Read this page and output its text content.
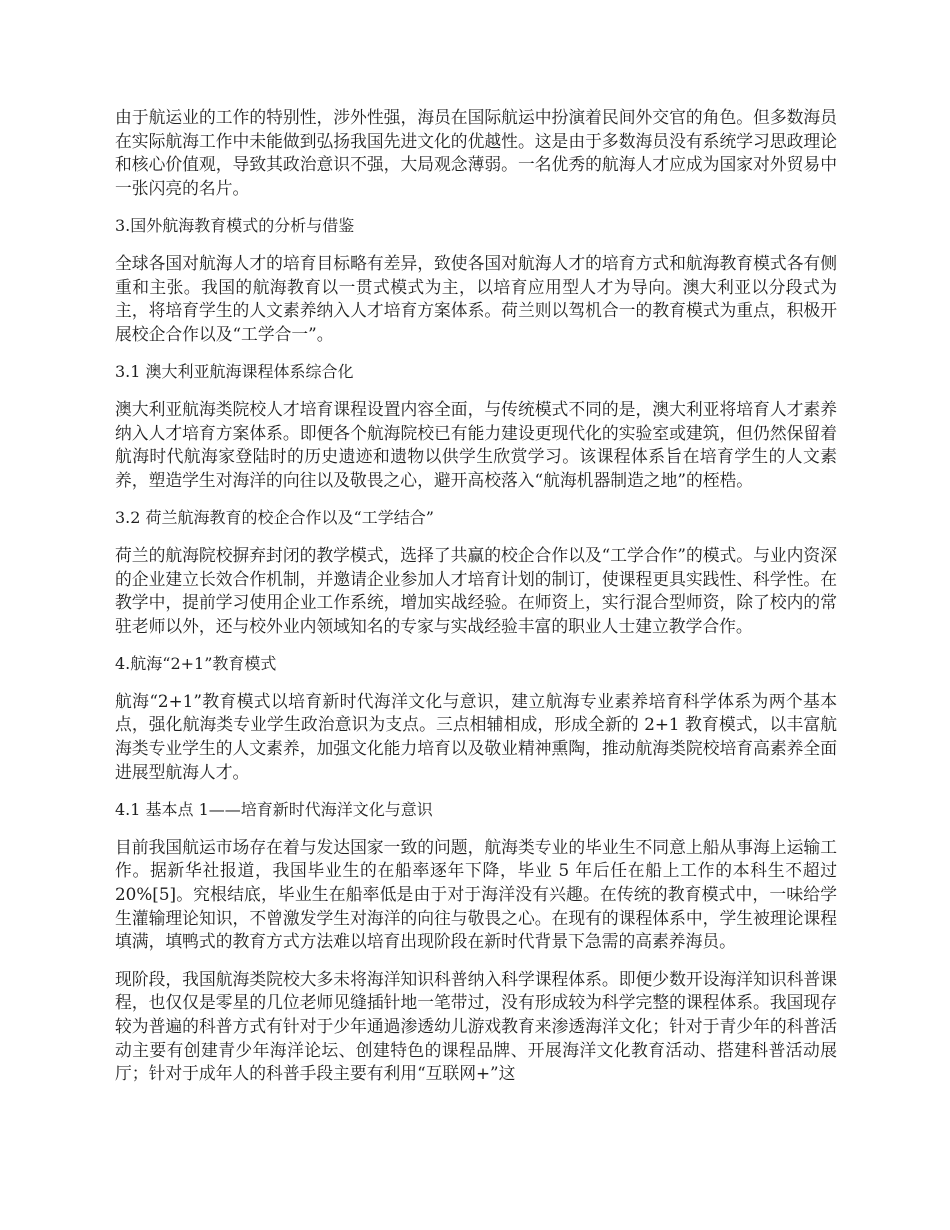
由于航运业的工作的特别性，涉外性强，海员在国际航运中扮演着民间外交官的角色。但多数海员在实际航海工作中未能做到弘扬我国先进文化的优越性。这是由于多数海员没有系统学习思政理论和核心价值观，导致其政治意识不强，大局观念薄弱。一名优秀的航海人才应成为国家对外贸易中一张闪亮的名片。

3.国外航海教育模式的分析与借鉴

全球各国对航海人才的培育目标略有差异，致使各国对航海人才的培育方式和航海教育模式各有侧重和主张。我国的航海教育以一贯式模式为主，以培育应用型人才为导向。澳大利亚以分段式为主，将培育学生的人文素养纳入人才培育方案体系。荷兰则以驾机合一的教育模式为重点，积极开展校企合作以及“工学合一”。

3.1 澳大利亚航海课程体系综合化

澳大利亚航海类院校人才培育课程设置内容全面，与传统模式不同的是，澳大利亚将培育人才素养纳入人才培育方案体系。即便各个航海院校已有能力建设更现代化的实验室或建筑，但仍然保留着航海时代航海家登陆时的历史遗迹和遗物以供学生欣赏学习。该课程体系旨在培育学生的人文素养，塑造学生对海洋的向往以及敬畏之心，避开高校落入“航海机器制造之地”的桎梏。

3.2 荷兰航海教育的校企合作以及“工学结合”

荷兰的航海院校摒弃封闭的教学模式，选择了共赢的校企合作以及“工学合作”的模式。与业内资深的企业建立长效合作机制，并邀请企业参加人才培育计划的制订，使课程更具实践性、科学性。在教学中，提前学习使用企业工作系统，增加实战经验。在师资上，实行混合型师资，除了校内的常驻老师以外，还与校外业内领域知名的专家与实战经验丰富的职业人士建立教学合作。

4.航海“2+1”教育模式

航海“2+1”教育模式以培育新时代海洋文化与意识，建立航海专业素养培育科学体系为两个基本点，强化航海类专业学生政治意识为支点。三点相辅相成，形成全新的 2+1 教育模式，以丰富航海类专业学生的人文素养，加强文化能力培育以及敬业精神熏陶，推动航海类院校培育高素养全面进展型航海人才。

4.1 基本点 1——培育新时代海洋文化与意识

目前我国航运市场存在着与发达国家一致的问题，航海类专业的毕业生不同意上船从事海上运输工作。据新华社报道，我国毕业生的在船率逐年下降，毕业 5 年后任在船上工作的本科生不超过 20%[5]。究根结底，毕业生在船率低是由于对于海洋没有兴趣。在传统的教育模式中，一味给学生灌输理论知识，不曾激发学生对海洋的向往与敬畏之心。在现有的课程体系中，学生被理论课程填满，填鸭式的教育方式方法难以培育出现阶段在新时代背景下急需的高素养海员。

现阶段，我国航海类院校大多未将海洋知识科普纳入科学课程体系。即便少数开设海洋知识科普课程，也仅仅是零星的几位老师见缝插针地一笔带过，没有形成较为科学完整的课程体系。我国现存较为普遍的科普方式有针对于少年通過渗透幼儿游戏教育来渗透海洋文化；针对于青少年的科普活动主要有创建青少年海洋论坛、创建特色的课程品牌、开展海洋文化教育活动、搭建科普活动展厅；针对于成年人的科普手段主要有利用“互联网+”这
